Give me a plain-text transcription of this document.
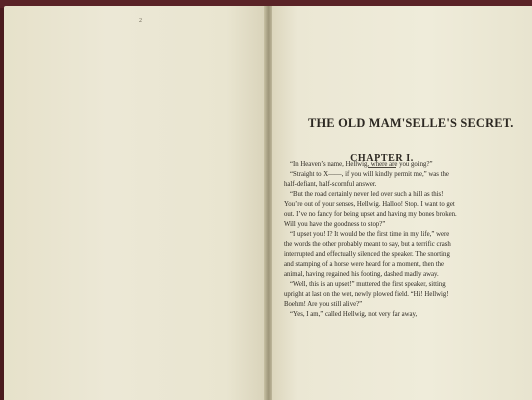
2
THE OLD MAM'SELLE'S SECRET.
CHAPTER I.

“In Heaven’s name, Hellwig, where are you going?”

“Straight to X——, if you will kindly permit me,” was the half-defiant, half-scornful answer.

“But the road certainly never led over such a hill as this! You’re out of your senses, Hellwig. Halloo! Stop. I want to get out. I’ve no fancy for being upset and having my bones broken. Will you have the goodness to stop?”

“I upset you! I? It would be the first time in my life,” were the words the other probably meant to say, but a terrific crash interrupted and effectually silenced the speaker. The snorting and stamping of a horse were heard for a moment, then the animal, having regained his footing, dashed madly away.

“Well, this is an upset!” muttered the first speaker, sitting upright at last on the wet, newly plowed field. “Hi! Hellwig! Boehm! Are you still alive?”

“Yes, I am,” called Hellwig, not very far away,
